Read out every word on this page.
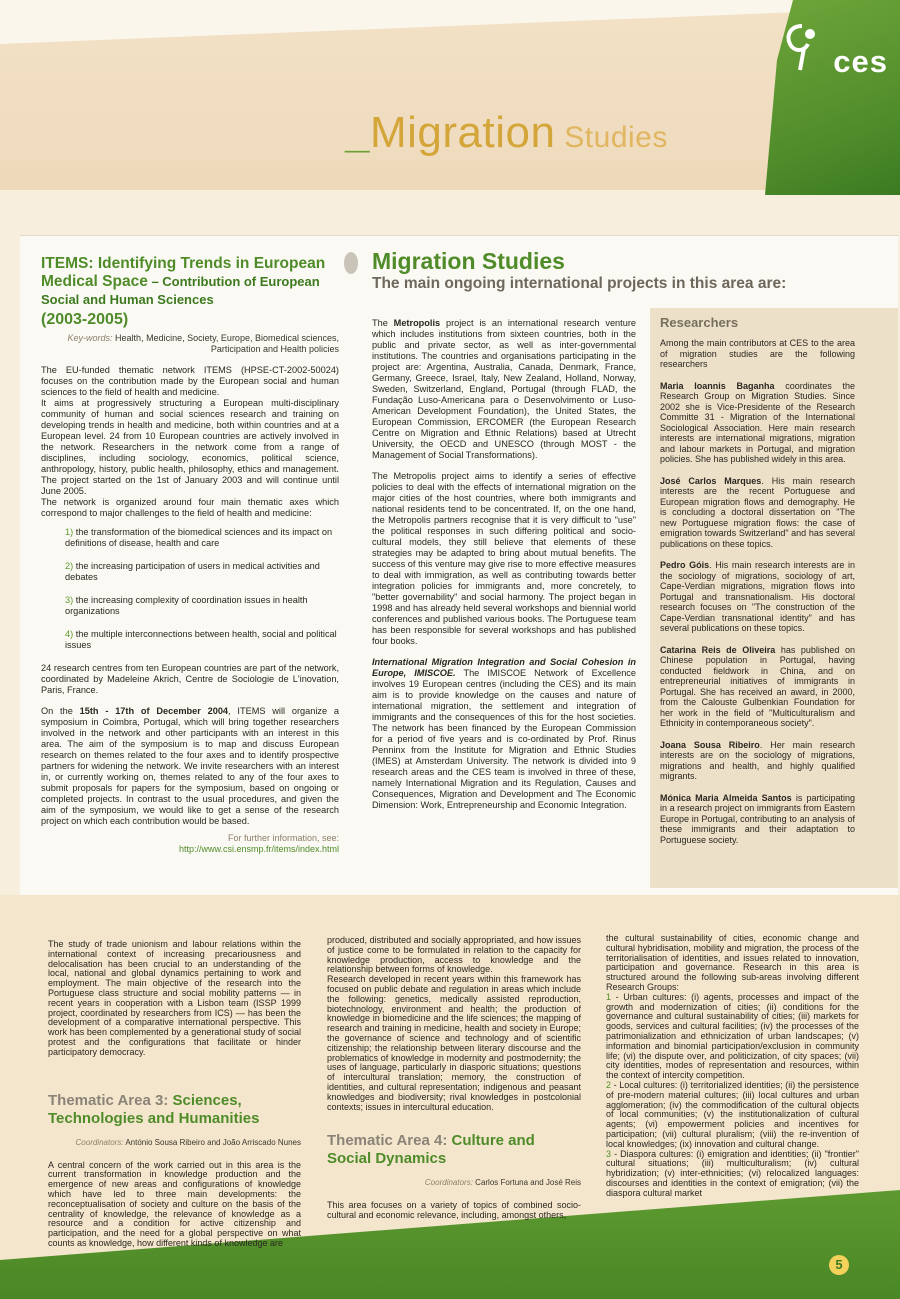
ces
_Migration Studies

ITEMS: Identifying Trends in European
Medical Space – Contribution of European Social and Human Sciences

(2003-2005)

Key-words: Health, Medicine, Society, Europe, Biomedical sciences, Participation and Health policies

The EU-funded thematic network ITEMS (HPSE-CT-2002-50024) focuses on the contribution made by the European social and human sciences to the field of health and medicine.

It aims at progressively structuring a European multi-disciplinary community of human and social sciences research and training on developing trends in health and medicine, both within countries and at a European level. 24 from 10 European countries are actively involved in the network. Researchers in the network come from a range of disciplines, including sociology, economics, political science, anthropology, history, public health, philosophy, ethics and management. The project started on the 1st of January 2003 and will continue until June 2005.

The network is organized around four main thematic axes which correspond to major challenges to the field of health and medicine:

1) the transformation of the biomedical sciences and its impact on definitions of disease, health and care
2) the increasing participation of users in medical activities and debates
3) the increasing complexity of coordination issues in health organizations
4) the multiple interconnections between health, social and political issues

24 research centres from ten European countries are part of the network, coordinated by Madeleine Akrich, Centre de Sociologie de L'inovation, Paris, France.

On the 15th - 17th of December 2004, ITEMS will organize a symposium in Coimbra, Portugal, which will bring together researchers involved in the network and other participants with an interest in this area. The aim of the symposium is to map and discuss European research on themes related to the four axes and to identify prospective partners for widening the network. We invite researchers with an interest in, or currently working on, themes related to any of the four axes to submit proposals for papers for the symposium, based on ongoing or completed projects. In contrast to the usual procedures, and given the aim of the symposium, we would like to get a sense of the research project on which each contribution would be based.

For further information, see:

http://www.csi.ensmp.fr/items/index.html

Migration Studies
The main ongoing international projects in this area are:

The Metropolis project is an international research venture which includes institutions from sixteen countries, both in the public and private sector, as well as inter-governmental institutions. The countries and organisations participating in the project are: Argentina, Australia, Canada, Denmark, France, Germany, Greece, Israel, Italy, New Zealand, Holland, Norway, Sweden, Switzerland, England, Portugal (through FLAD, the Fundação Luso-Americana para o Desenvolvimento or Luso-American Development Foundation), the United States, the European Commission, ERCOMER (the European Research Centre on Migration and Ethnic Relations) based at Utrecht University, the OECD and UNESCO (through MOST - the Management of Social Transformations).

The Metropolis project aims to identify a series of effective policies to deal with the effects of international migration on the major cities of the host countries, where both immigrants and national residents tend to be concentrated. If, on the one hand, the Metropolis partners recognise that it is very difficult to "use" the political responses in such differing political and socio-cultural models, they still believe that elements of these strategies may be adapted to bring about mutual benefits. The success of this venture may give rise to more effective measures to deal with immigration, as well as contributing towards better integration policies for immigrants and, more concretely, to "better governability" and social harmony. The project began in 1998 and has already held several workshops and biennial world conferences and published various books. The Portuguese team has been responsible for several workshops and has published four books.

International Migration Integration and Social Cohesion in Europe, IMISCOE. The IMISCOE Network of Excellence involves 19 European centres (including the CES) and its main aim is to provide knowledge on the causes and nature of international migration, the settlement and integration of immigrants and the consequences of this for the host societies. The network has been financed by the European Commission for a period of five years and is co-ordinated by Prof. Rinus Penninx from the Institute for Migration and Ethnic Studies (IMES) at Amsterdam University. The network is divided into 9 research areas and the CES team is involved in three of these, namely International Migration and its Regulation, Causes and Consequences, Migration and Development and The Economic Dimension: Work, Entrepreneurship and Economic Integration.

Researchers

Among the main contributors at CES to the area of migration studies are the following researchers

Maria Ioannis Baganha coordinates the Research Group on Migration Studies. Since 2002 she is Vice-Presidente of the Research Committe 31 - Migration of the International Sociological Association. Here main research interests are international migrations, migration and labour markets in Portugal, and migration policies. She has published widely in this area.

José Carlos Marques. His main research interests are the recent Portuguese and European migration flows and demography. He is concluding a doctoral dissertation on "The new Portuguese migration flows: the case of emigration towards Switzerland" and has several publications on these topics.

Pedro Góis. His main research interests are in the sociology of migrations, sociology of art, Cape-Verdian migrations, migration flows into Portugal and transnationalism. His doctoral research focuses on "The construction of the Cape-Verdian transnational identity" and has several publications on these topics.

Catarina Reis de Oliveira has published on Chinese population in Portugal, having conducted fieldwork in China, and on entrepreneurial initiatives of immigrants in Portugal. She has received an award, in 2000, from the Calouste Gulbenkian Foundation for her work in the field of "Multiculturalism and Ethnicity in contemporaneous society".

Joana Sousa Ribeiro. Her main research interests are on the sociology of migrations, migrations and health, and highly qualified migrants.

Mónica Maria Almeida Santos is participating in a research project on immigrants from Eastern Europe in Portugal, contributing to an analysis of these immigrants and their adaptation to Portuguese society.

The study of trade unionism and labour relations within the international context of increasing precariousness and delocalisation has been crucial to an understanding of the local, national and global dynamics pertaining to work and employment. The main objective of the research into the Portuguese class structure and social mobility patterns — in recent years in cooperation with a Lisbon team (ISSP 1999 project, coordinated by researchers from ICS) — has been the development of a comparative international perspective. This work has been complemented by a generational study of social protest and the configurations that facilitate or hinder participatory democracy.

Thematic Area 3: Sciences, Technologies and Humanities

Coordinators: António Sousa Ribeiro and João Arriscado Nunes

A central concern of the work carried out in this area is the current transformation in knowledge production and the emergence of new areas and configurations of knowledge which have led to three main developments: the reconceptualisation of society and culture on the basis of the centrality of knowledge, the relevance of knowledge as a resource and a condition for active citizenship and participation, and the need for a global perspective on what counts as knowledge, how different kinds of knowledge are

produced, distributed and socially appropriated, and how issues of justice come to be formulated in relation to the capacity for knowledge production, access to knowledge and the relationship between forms of knowledge.

Research developed in recent years within this framework has focused on public debate and regulation in areas which include the following: genetics, medically assisted reproduction, biotechnology, environment and health; the production of knowledge in biomedicine and the life sciences; the mapping of research and training in medicine, health and society in Europe; the governance of science and technology and of scientific citizenship; the relationship between literary discourse and the problematics of knowledge in modernity and postmodernity; the uses of language, particularly in diasporic situations; questions of intercultural translation; memory, the construction of identities, and cultural representation; indigenous and peasant knowledges and biodiversity; rival knowledges in postcolonial contexts; issues in intercultural education.

Thematic Area 4: Culture and Social Dynamics

Coordinators: Carlos Fortuna and José Reis

This area focuses on a variety of topics of combined socio-cultural and economic relevance, including, amongst others,

the cultural sustainability of cities, economic change and cultural hybridisation, mobility and migration, the process of the territorialisation of identities, and issues related to innovation, participation and governance. Research in this area is structured around the following sub-areas involving different Research Groups:

1 - Urban cultures: (i) agents, processes and impact of the growth and modernization of cities; (ii) conditions for the governance and cultural sustainability of cities; (iii) markets for goods, services and cultural facilities; (iv) the processes of the patrimonialization and ethnicization of urban landscapes; (v) information and binomial participation/exclusion in community life; (vi) the dispute over, and politicization, of city spaces; (vii) city identities, modes of representation and resources, within the context of intercity competition.

2 - Local cultures: (i) territorialized identities; (ii) the persistence of pre-modern material cultures; (iii) local cultures and urban agglomeration; (iv) the commodification of the cultural objects of local communities; (v) the institutionalization of cultural agents; (vi) empowerment policies and incentives for participation; (vii) cultural pluralism; (viii) the re-invention of local knowledges; (ix) innovation and cultural change.

3 - Diaspora cultures: (i) emigration and identities; (ii) "frontier" cultural situations; (iii) multiculturalism; (iv) cultural hybridization; (v) inter-ethnicities; (vi) relocalized languages: discourses and identities in the context of emigration; (vii) the diaspora cultural market

5
